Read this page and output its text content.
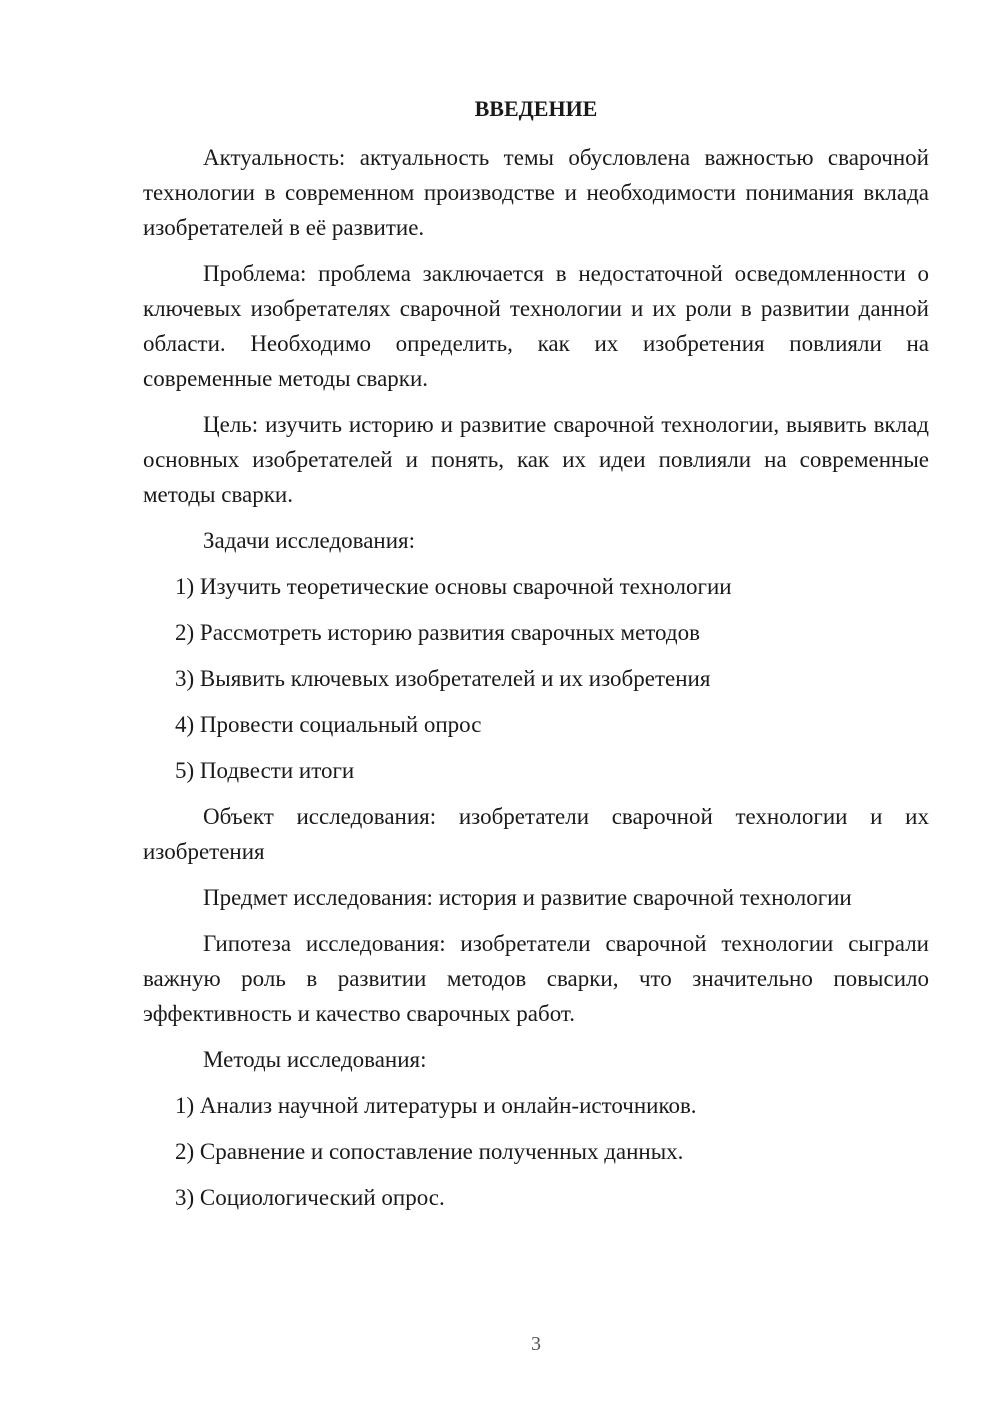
ВВЕДЕНИЕ

Актуальность: актуальность темы обусловлена важностью сварочной технологии в современном производстве и необходимости понимания вклада изобретателей в её развитие.

Проблема: проблема заключается в недостаточной осведомленности о ключевых изобретателях сварочной технологии и их роли в развитии данной области. Необходимо определить, как их изобретения повлияли на современные методы сварки.

Цель: изучить историю и развитие сварочной технологии, выявить вклад основных изобретателей и понять, как их идеи повлияли на современные методы сварки.

Задачи исследования:

1) Изучить теоретические основы сварочной технологии
2) Рассмотреть историю развития сварочных методов
3) Выявить ключевых изобретателей и их изобретения
4) Провести социальный опрос
5) Подвести итоги

Объект исследования: изобретатели сварочной технологии и их изобретения

Предмет исследования: история и развитие сварочной технологии

Гипотеза исследования: изобретатели сварочной технологии сыграли важную роль в развитии методов сварки, что значительно повысило эффективность и качество сварочных работ.

Методы исследования:

1) Анализ научной литературы и онлайн-источников.
2) Сравнение и сопоставление полученных данных.
3) Социологический опрос.
3
